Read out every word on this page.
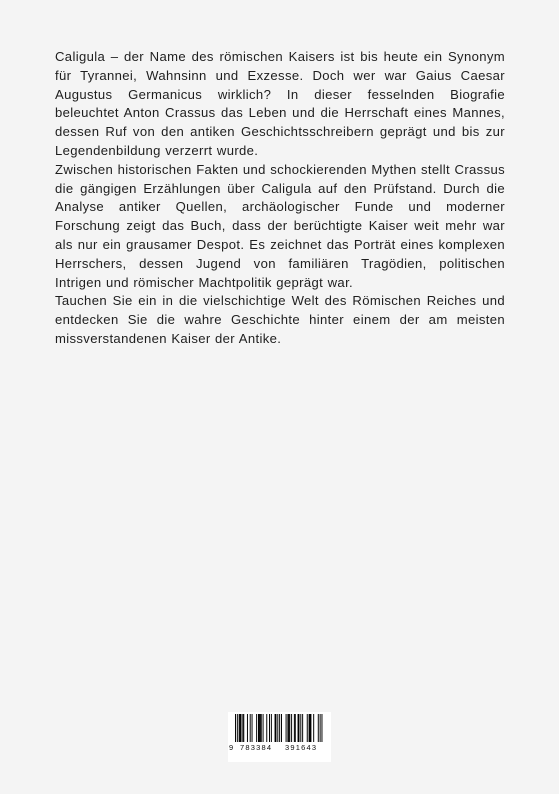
Caligula – der Name des römischen Kaisers ist bis heute ein Synonym für Tyrannei, Wahnsinn und Exzesse. Doch wer war Gaius Caesar Augustus Germanicus wirklich? In dieser fesselnden Biografie beleuchtet Anton Crassus das Leben und die Herrschaft eines Mannes, dessen Ruf von den antiken Geschichtsschreibern geprägt und bis zur Legendenbildung verzerrt wurde.

Zwischen historischen Fakten und schockierenden Mythen stellt Crassus die gängigen Erzählungen über Caligula auf den Prüfstand. Durch die Analyse antiker Quellen, archäologischer Funde und moderner Forschung zeigt das Buch, dass der berüchtigte Kaiser weit mehr war als nur ein grausamer Despot. Es zeichnet das Porträt eines komplexen Herrschers, dessen Jugend von familiären Tragödien, politischen Intrigen und römischer Machtpolitik geprägt war.

Tauchen Sie ein in die vielschichtige Welt des Römischen Reiches und entdecken Sie die wahre Geschichte hinter einem der am meisten missverstandenen Kaiser der Antike.

9 783384 391643
